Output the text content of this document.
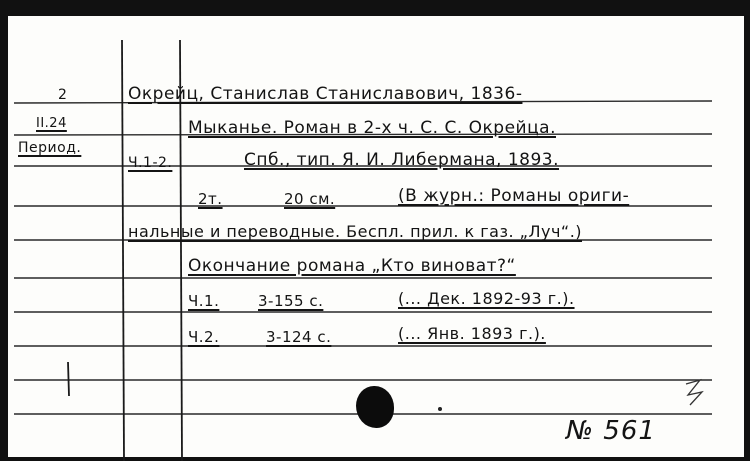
2
II.24
Период.
Окрейц, Станислав Станиславович, 1836-
Мыканье. Роман в 2-х ч. С. С. Окрейца.
Ч.1-2.	Спб., тип. Я. И. Либермана, 1893.
2т.	20 см.	(В журн.: Романы ориги-
нальные и переводные. Беспл. прил. к газ. „Луч“.)
Окончание романа „Кто виноват?“
Ч.1.	3-155 с.	(... Дек. 1892-93 г.).
Ч.2.	3-124 с.	(... Янв. 1893 г.).
№ 561
